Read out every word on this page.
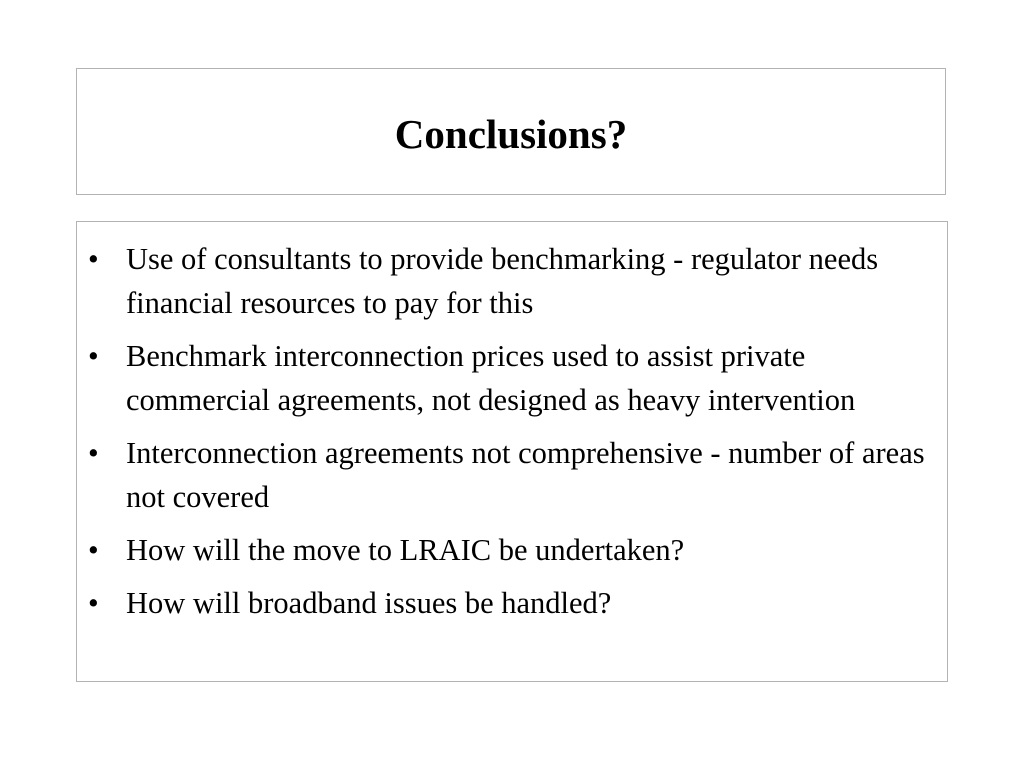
Conclusions?
• Use of consultants to provide benchmarking - regulator needs financial resources to pay for this
• Benchmark interconnection prices used to assist private commercial agreements, not designed as heavy intervention
• Interconnection agreements not comprehensive - number of areas not covered
• How will the move to LRAIC be undertaken?
• How will broadband issues be handled?
